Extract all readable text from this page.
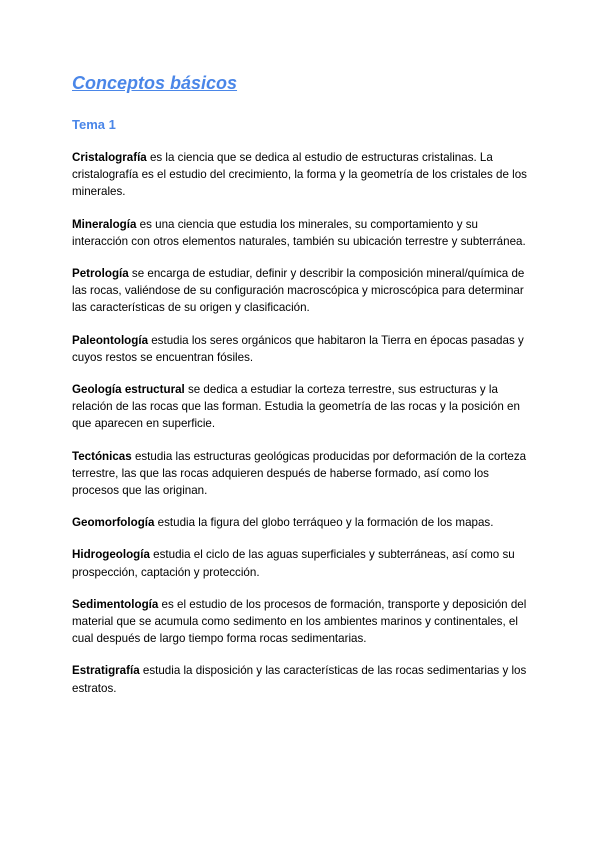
Conceptos básicos
Tema 1

Cristalografía es la ciencia que se dedica al estudio de estructuras cristalinas. La cristalografía es el estudio del crecimiento, la forma y la geometría de los cristales de los minerales.

Mineralogía es una ciencia que estudia los minerales, su comportamiento y su interacción con otros elementos naturales, también su ubicación terrestre y subterránea.

Petrología se encarga de estudiar, definir y describir la composición mineral/química de las rocas, valiéndose de su configuración macroscópica y microscópica para determinar las características de su origen y clasificación.

Paleontología estudia los seres orgánicos que habitaron la Tierra en épocas pasadas y cuyos restos se encuentran fósiles.

Geología estructural se dedica a estudiar la corteza terrestre, sus estructuras y la relación de las rocas que las forman. Estudia la geometría de las rocas y la posición en que aparecen en superficie.

Tectónicas estudia las estructuras geológicas producidas por deformación de la corteza terrestre, las que las rocas adquieren después de haberse formado, así como los procesos que las originan.

Geomorfología estudia la figura del globo terráqueo y la formación de los mapas.

Hidrogeología estudia el ciclo de las aguas superficiales y subterráneas, así como su prospección, captación y protección.

Sedimentología es el estudio de los procesos de formación, transporte y deposición del material que se acumula como sedimento en los ambientes marinos y continentales, el cual después de largo tiempo forma rocas sedimentarias.

Estratigrafía estudia la disposición y las características de las rocas sedimentarias y los estratos.
